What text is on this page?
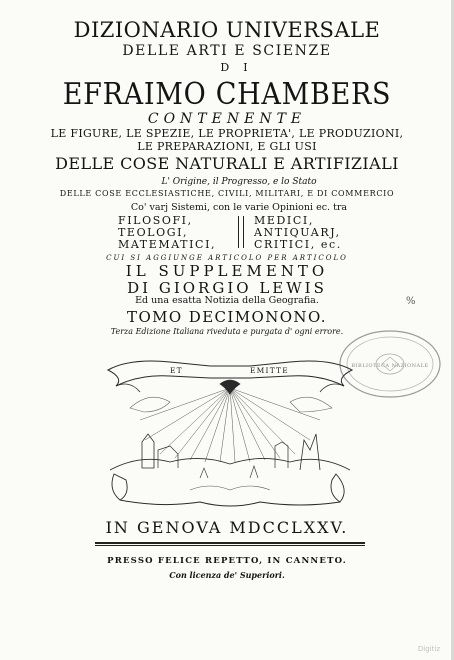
DIZIONARIO UNIVERSALE
DELLE ARTI E SCIENZE
DI
EFRAIMO CHAMBERS
CONTENENTE
LE FIGURE, LE SPEZIE, LE PROPRIETA', LE PRODUZIONI,
LE PREPARAZIONI, E GLI USI
DELLE COSE NATURALI E ARTIFIZIALI
L' Origine, il Progresso, e lo Stato
DELLE COSE ECCLESIASTICHE, CIVILI, MILITARI, E DI COMMERCIO
Co' varj Sistemi, con le varie Opinioni ec. tra
FILOSOFI,
TEOLOGI,
MATEMATICI,
MEDICI,
ANTIQUARJ,
CRITICI, ec.
CUI SI AGGIUNGE ARTICOLO PER ARTICOLO
IL SUPPLEMENTO
DI GIORGIO LEWIS
Ed una esatta Notizia della Geografia.
TOMO DECIMONONO.
Terza Edizione Italiana riveduta e purgata d' ogni errore.
%
BIBLIOTECA NAZIONALE
ET	EMITTE
IN GENOVA MDCCLXXV.
PRESSO FELICE REPETTO, IN CANNETO.
Con licenza de' Superiori.
Digitiz
